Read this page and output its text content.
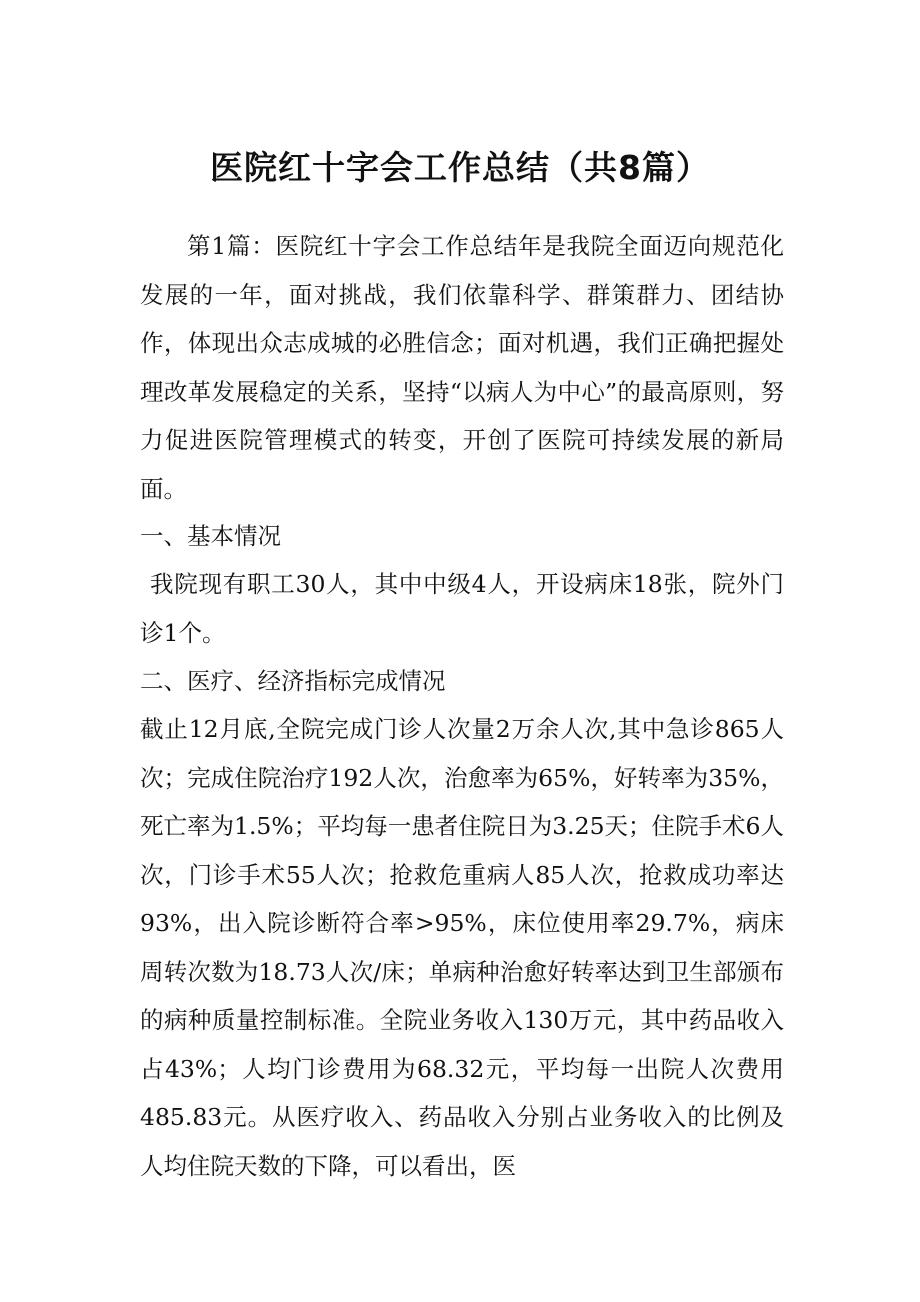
医院红十字会工作总结（共8篇）
第1篇：医院红十字会工作总结年是我院全面迈向规范化发展的一年，面对挑战，我们依靠科学、群策群力、团结协作，体现出众志成城的必胜信念；面对机遇，我们正确把握处理改革发展稳定的关系，坚持“以病人为中心”的最高原则，努力促进医院管理模式的转变，开创了医院可持续发展的新局面。
一、基本情况
我院现有职工30人，其中中级4人，开设病床18张，院外门诊1个。
二、医疗、经济指标完成情况
截止12月底,全院完成门诊人次量2万余人次,其中急诊865人次；完成住院治疗192人次，治愈率为65%，好转率为35%，死亡率为1.5%；平均每一患者住院日为3.25天；住院手术6人次，门诊手术55人次；抢救危重病人85人次，抢救成功率达93%，出入院诊断符合率>95%，床位使用率29.7%，病床周转次数为18.73人次/床；单病种治愈好转率达到卫生部颁布的病种质量控制标准。全院业务收入130万元，其中药品收入占43%；人均门诊费用为68.32元，平均每一出院人次费用485.83元。从医疗收入、药品收入分别占业务收入的比例及人均住院天数的下降，可以看出，医
